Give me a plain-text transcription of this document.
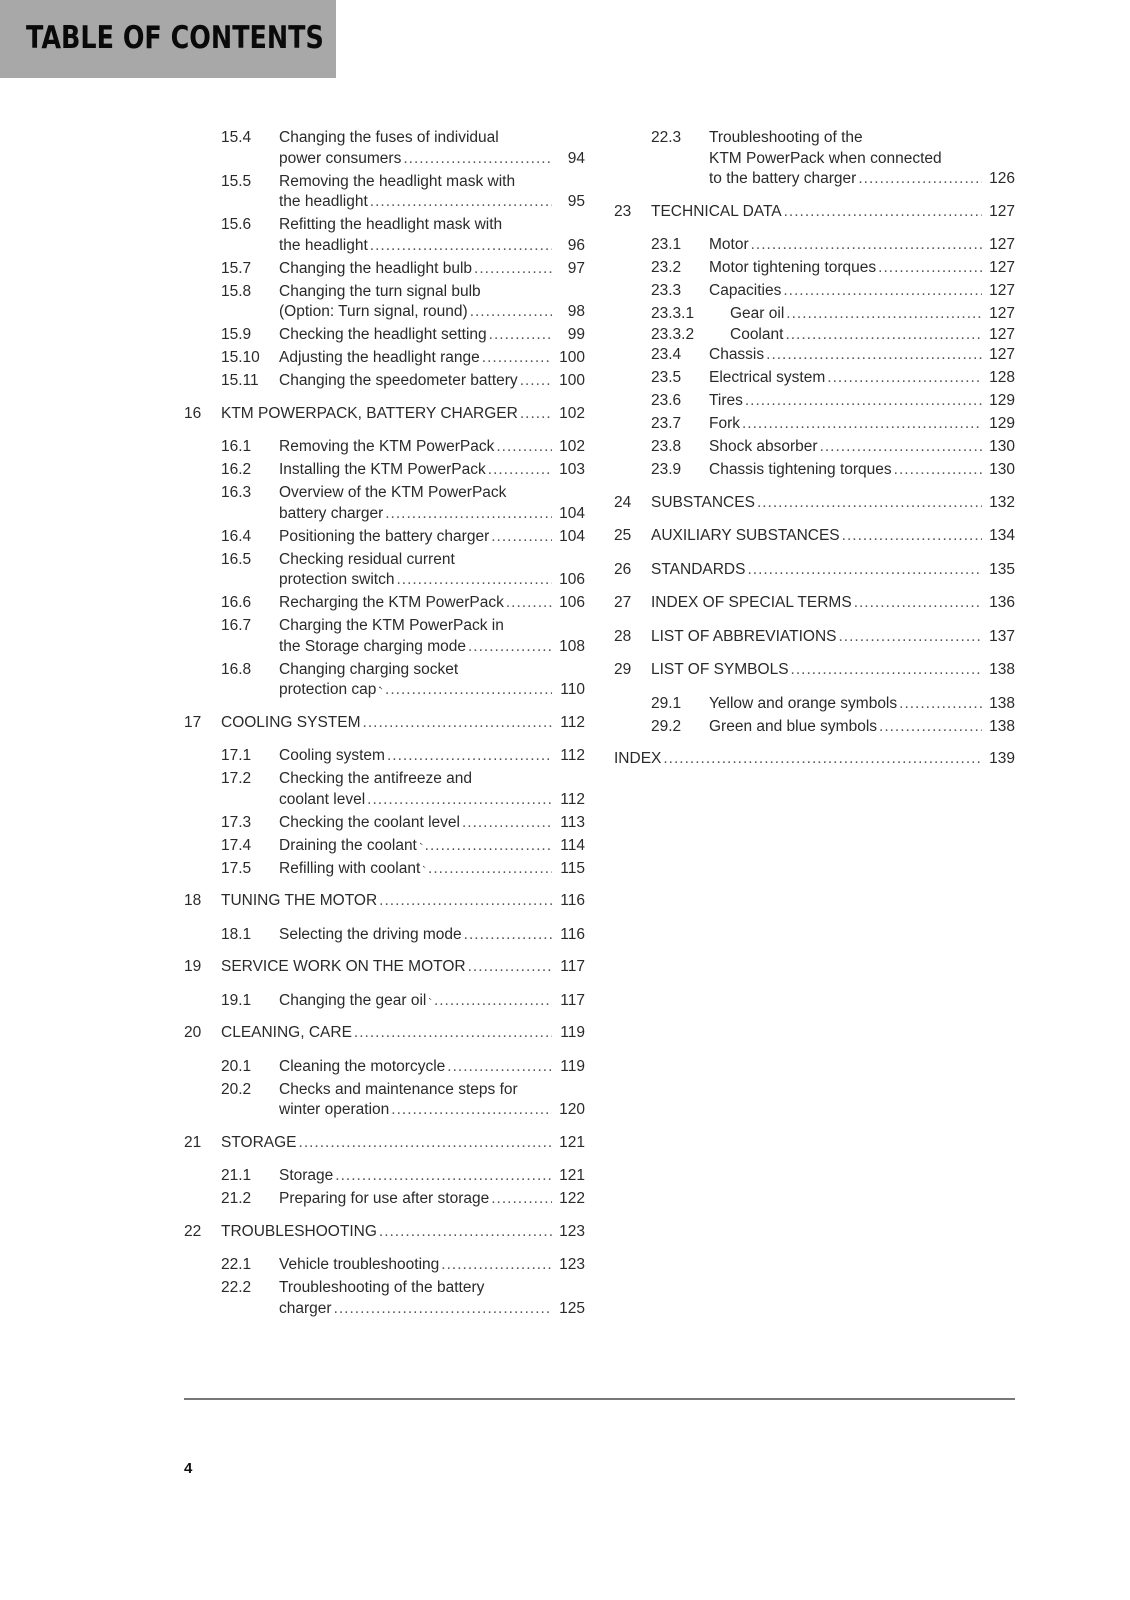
TABLE OF CONTENTS
15.4 Changing the fuses of individual
power consumers .....	94
15.5 Removing the headlight mask with
the headlight .....	95
15.6 Refitting the headlight mask with
the headlight .....	96
15.7 Changing the headlight bulb .....	97
15.8 Changing the turn signal bulb
(Option: Turn signal, round) .....	98
15.9 Checking the headlight setting .....	99
15.10 Adjusting the headlight range .....	100
15.11 Changing the speedometer battery .....	100
16 KTM POWERPACK, BATTERY CHARGER .....	102
16.1 Removing the KTM PowerPack .....	102
16.2 Installing the KTM PowerPack .....	103
16.3 Overview of the KTM PowerPack
battery charger .....	104
16.4 Positioning the battery charger .....	104
16.5 Checking residual current
protection switch .....	106
16.6 Recharging the KTM PowerPack .....	106
16.7 Charging the KTM PowerPack in
the Storage charging mode .....	108
16.8 Changing charging socket
protection cap .....	110
17 COOLING SYSTEM .....	112
17.1 Cooling system .....	112
17.2 Checking the antifreeze and
coolant level .....	112
17.3 Checking the coolant level .....	113
17.4 Draining the coolant .....	114
17.5 Refilling with coolant .....	115
18 TUNING THE MOTOR .....	116
18.1 Selecting the driving mode .....	116
19 SERVICE WORK ON THE MOTOR .....	117
19.1 Changing the gear oil .....	117
20 CLEANING, CARE .....	119
20.1 Cleaning the motorcycle .....	119
20.2 Checks and maintenance steps for
winter operation .....	120
21 STORAGE .....	121
21.1 Storage .....	121
21.2 Preparing for use after storage .....	122
22 TROUBLESHOOTING .....	123
22.1 Vehicle troubleshooting .....	123
22.2 Troubleshooting of the battery
charger .....	125
22.3 Troubleshooting of the
KTM PowerPack when connected
to the battery charger .....	126
23 TECHNICAL DATA .....	127
23.1 Motor .....	127
23.2 Motor tightening torques .....	127
23.3 Capacities .....	127
23.3.1 Gear oil .....	127
23.3.2 Coolant .....	127
23.4 Chassis .....	127
23.5 Electrical system .....	128
23.6 Tires .....	129
23.7 Fork .....	129
23.8 Shock absorber .....	130
23.9 Chassis tightening torques .....	130
24 SUBSTANCES .....	132
25 AUXILIARY SUBSTANCES .....	134
26 STANDARDS .....	135
27 INDEX OF SPECIAL TERMS .....	136
28 LIST OF ABBREVIATIONS .....	137
29 LIST OF SYMBOLS .....	138
29.1 Yellow and orange symbols .....	138
29.2 Green and blue symbols .....	138
INDEX .....	139
4
